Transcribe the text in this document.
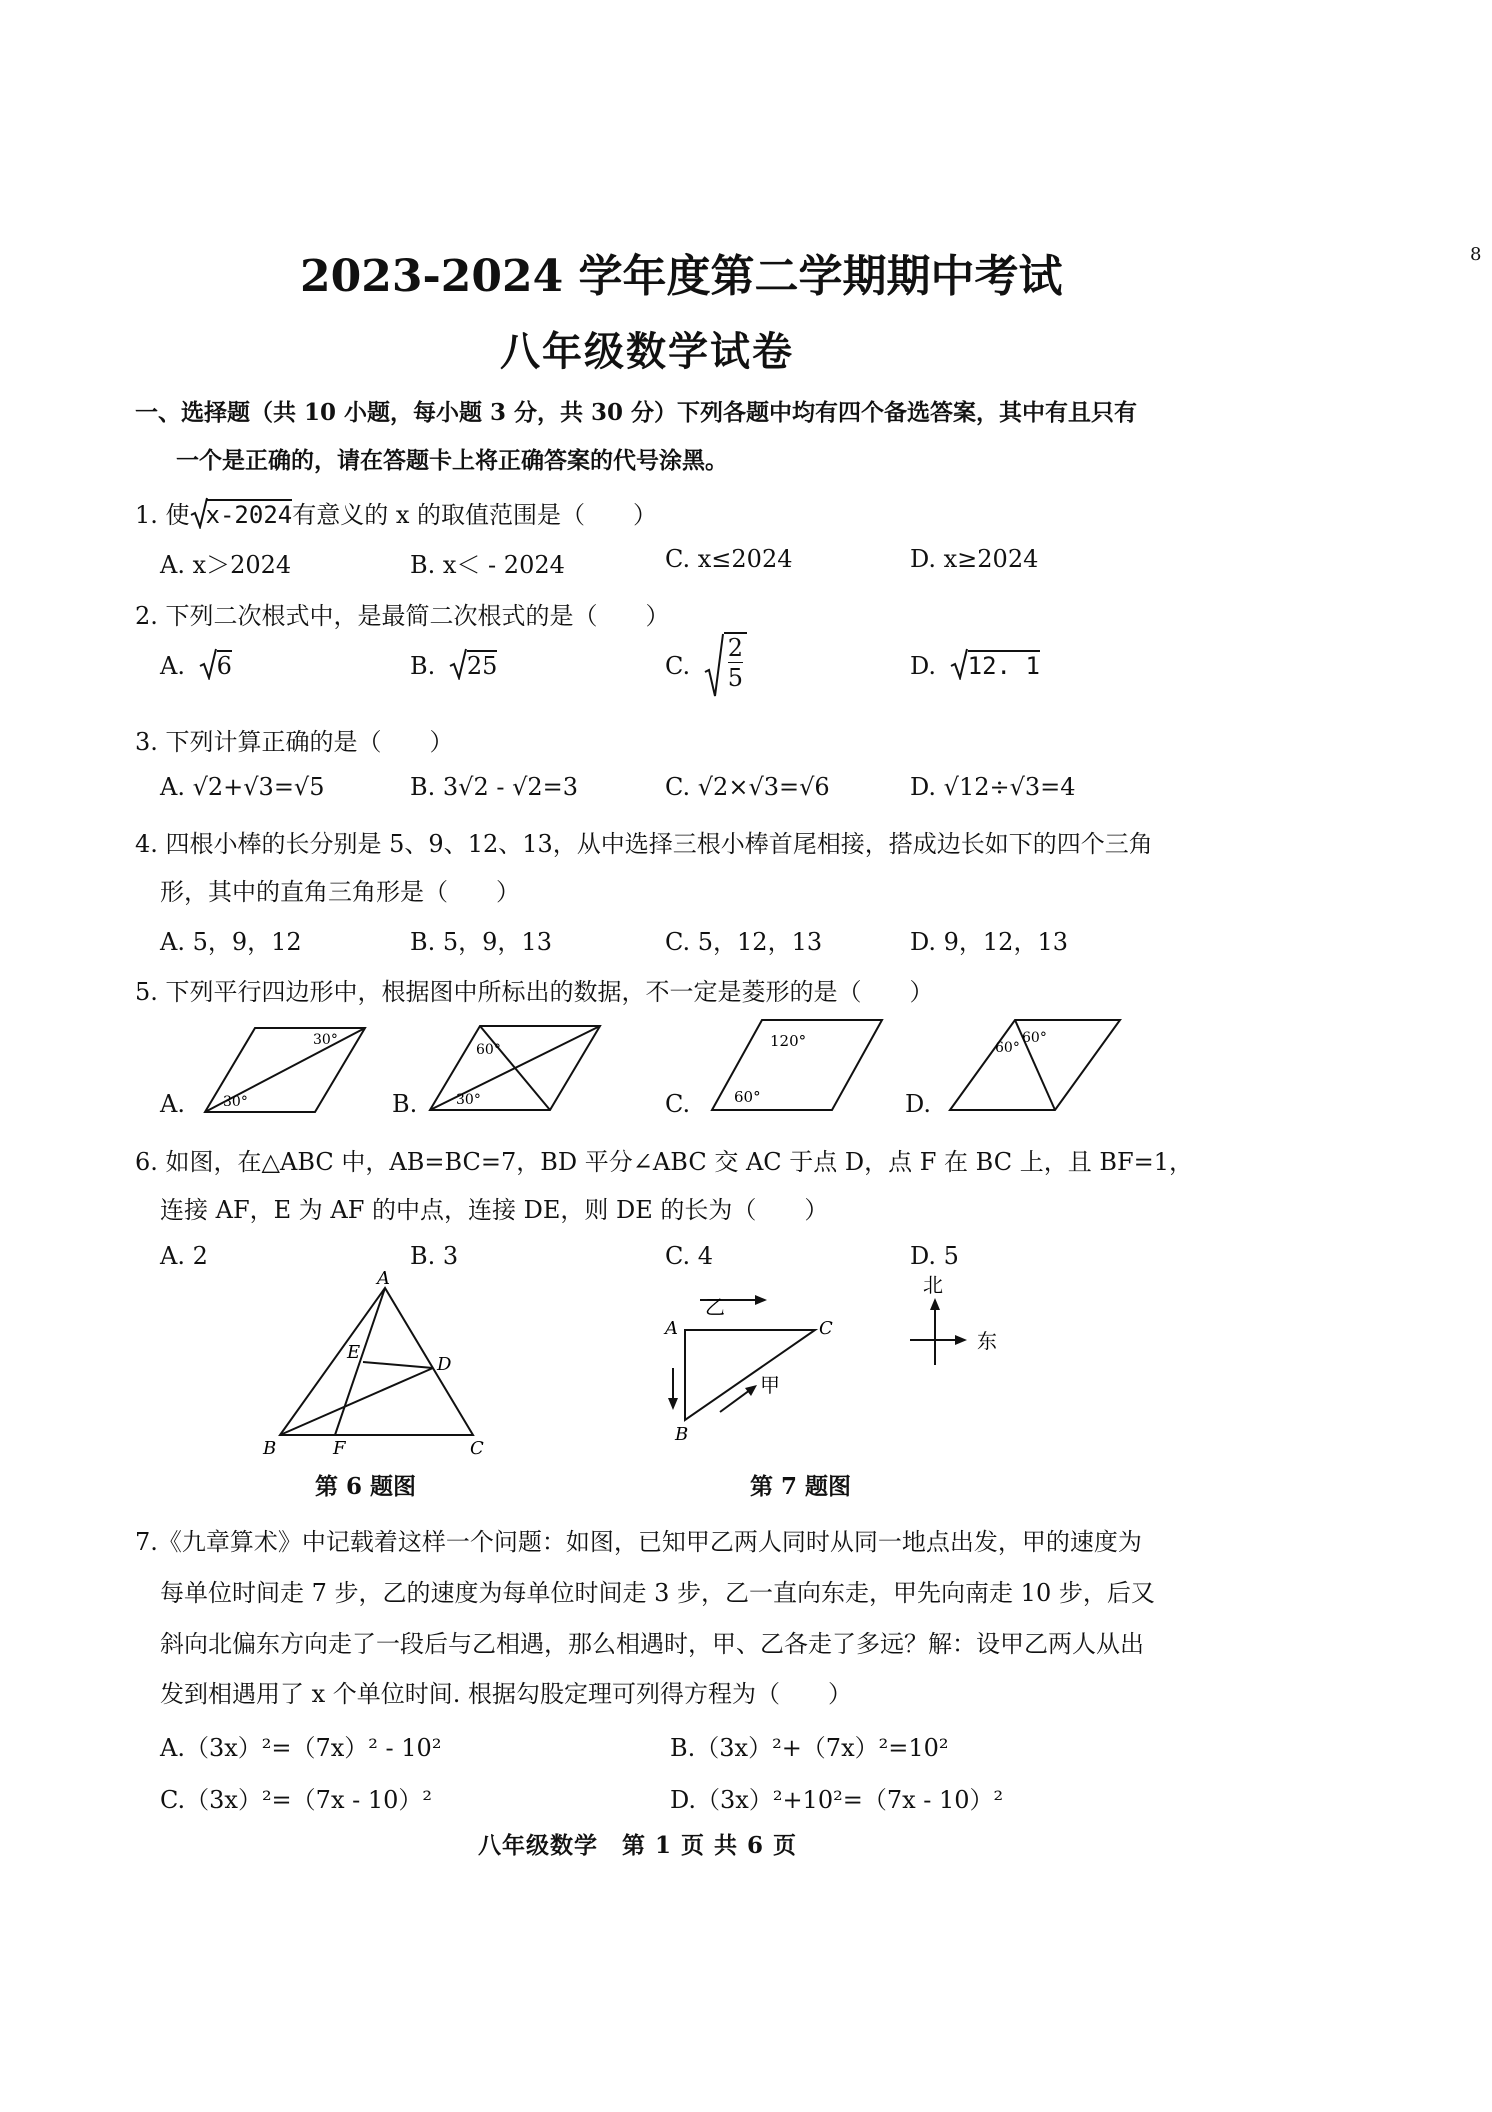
8
2023-2024 学年度第二学期期中考试
八年级数学试卷
一、选择题（共 10 小题，每小题 3 分，共 30 分）下列各题中均有四个备选答案，其中有且只有
一个是正确的，请在答题卡上将正确答案的代号涂黑。
1. 使 x-2024有意义的 x 的取值范围是（　　）
A. x＞2024	B. x＜ - 2024	C. x≤2024	D. x≥2024
2. 下列二次根式中，是最简二次根式的是（　　）
A. 6	B. 25	C. $\frac{2}{5}$	D. 12. 1
3. 下列计算正确的是（　　）
A. √2+√3=√5	B. 3√2 - √2=3	C. √2×√3=√6	D. √12÷√3=4
4. 四根小棒的长分别是 5、9、12、13，从中选择三根小棒首尾相接，搭成边长如下的四个三角
形，其中的直角三角形是（　　）
A. 5，9，12	B. 5，9，13	C. 5，12，13	D. 9，12，13
5. 下列平行四边形中，根据图中所标出的数据，不一定是菱形的是（　　）
A.
30°
30°	B.
60°
30°	C.
120°
60°	D.
60°
60°
6. 如图，在△ABC 中，AB=BC=7，BD 平分∠ABC 交 AC 于点 D，点 F 在 BC 上，且 BF=1，
连接 AF，E 为 AF 的中点，连接 DE，则 DE 的长为（　　）
A. 2	B. 3	C. 4	D. 5
A
B	C
D
E
F
第 6 题图
A
B
C
乙
甲
北
东
第 7 题图
7.《九章算术》中记载着这样一个问题：如图，已知甲乙两人同时从同一地点出发，甲的速度为
每单位时间走 7 步，乙的速度为每单位时间走 3 步，乙一直向东走，甲先向南走 10 步，后又
斜向北偏东方向走了一段后与乙相遇，那么相遇时，甲、乙各走了多远？解：设甲乙两人从出
发到相遇用了 x 个单位时间. 根据勾股定理可列得方程为（　　）
A.（3x）²=（7x）² - 10²	B.（3x）²+（7x）²=10²
C.（3x）²=（7x - 10）²	D.（3x）²+10²=（7x - 10）²
八年级数学　第 1 页 共 6 页
